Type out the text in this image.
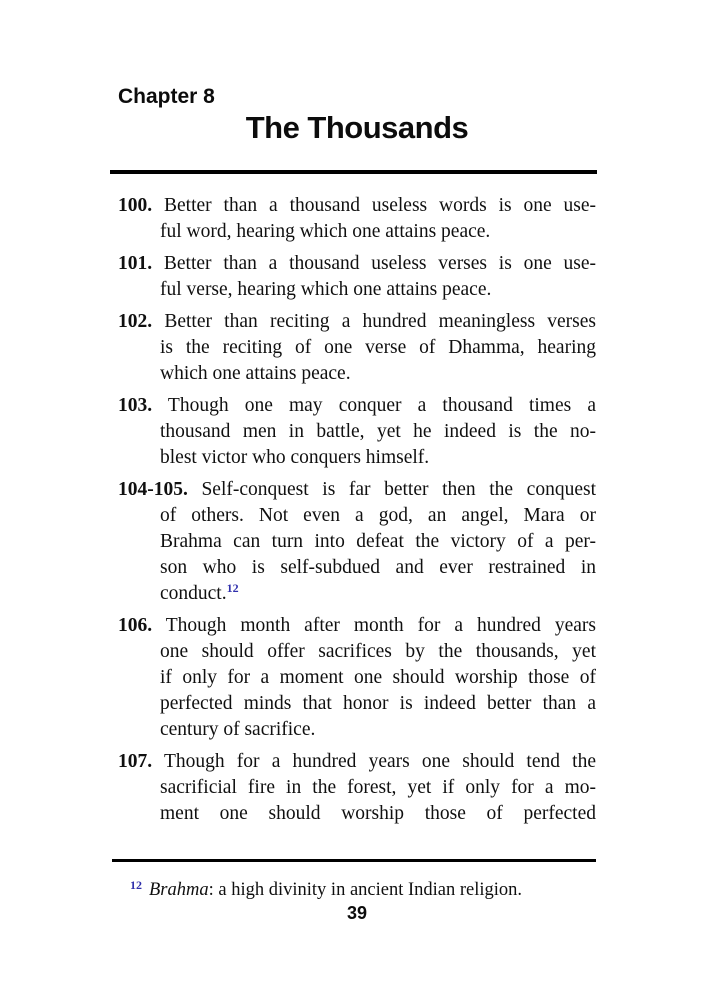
Chapter 8
The Thousands
100. Better than a thousand useless words is one use-
ful word, hearing which one attains peace.
101. Better than a thousand useless verses is one use-
ful verse, hearing which one attains peace.
102. Better than reciting a hundred meaningless verses
is the reciting of one verse of Dhamma, hearing
which one attains peace.
103. Though one may conquer a thousand times a
thousand men in battle, yet he indeed is the no-
blest victor who conquers himself.
104-105. Self-conquest is far better then the conquest
of others. Not even a god, an angel, Mara or
Brahma can turn into defeat the victory of a per-
son who is self-subdued and ever restrained in
conduct.$^{12}$
106. Though month after month for a hundred years
one should offer sacrifices by the thousands, yet
if only for a moment one should worship those of
perfected minds that honor is indeed better than a
century of sacrifice.
107. Though for a hundred years one should tend the
sacrificial fire in the forest, yet if only for a mo-
ment one should worship those of perfected
$^{12}$ Brahma: a high divinity in ancient Indian religion.
39
